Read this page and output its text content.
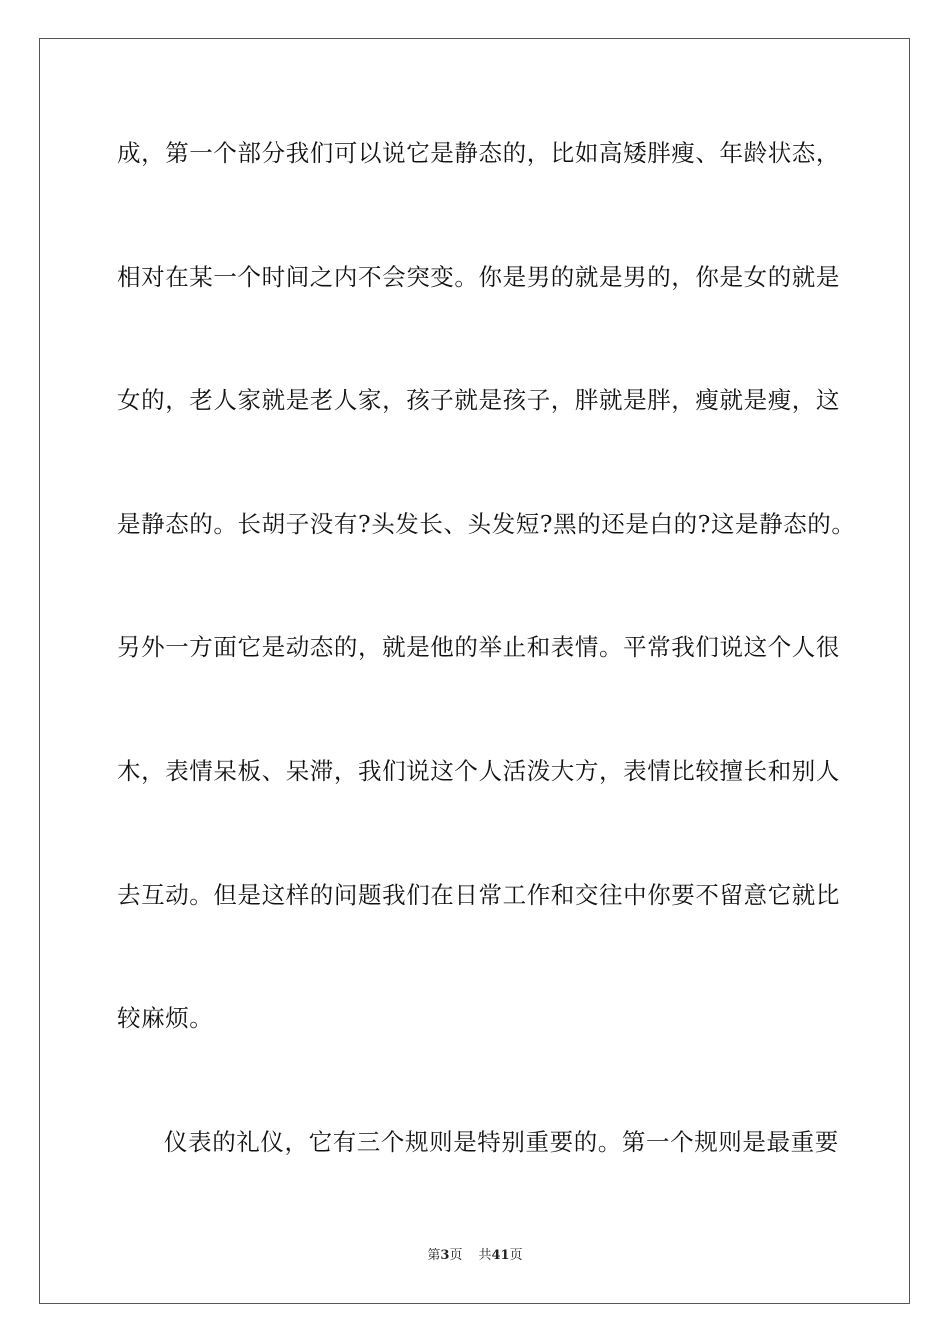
成，第一个部分我们可以说它是静态的，比如高矮胖瘦、年龄状态，
相对在某一个时间之内不会突变。你是男的就是男的，你是女的就是
女的，老人家就是老人家，孩子就是孩子，胖就是胖，瘦就是瘦，这
是静态的。长胡子没有?头发长、头发短?黑的还是白的?这是静态的。
另外一方面它是动态的，就是他的举止和表情。平常我们说这个人很
木，表情呆板、呆滞，我们说这个人活泼大方，表情比较擅长和别人
去互动。但是这样的问题我们在日常工作和交往中你要不留意它就比
较麻烦。
仪表的礼仪，它有三个规则是特别重要的。第一个规则是最重要
第3页 共41页
